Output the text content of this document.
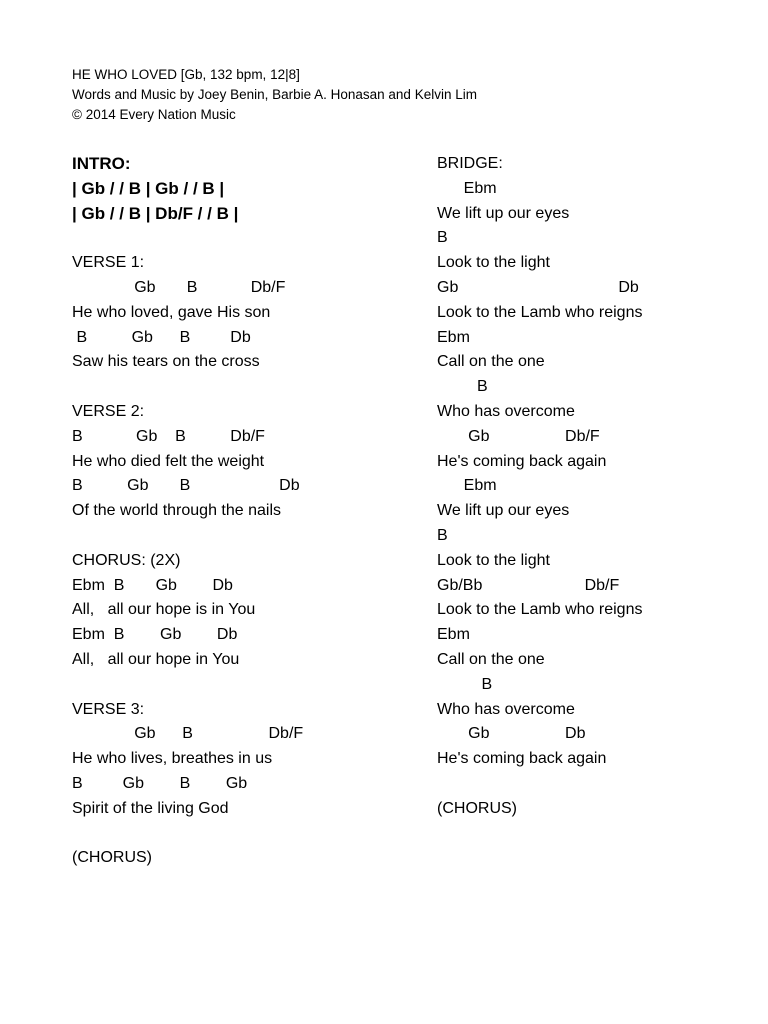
HE WHO LOVED [Gb, 132 bpm, 12|8]
Words and Music by Joey Benin, Barbie A. Honasan and Kelvin Lim
© 2014 Every Nation Music
INTRO:
| Gb / / B | Gb / / B |
| Gb / / B | Db/F / / B |
VERSE 1:
Gb       B            Db/F
He who loved, gave His son
B          Gb      B         Db
Saw his tears on the cross
VERSE 2:
B            Gb    B          Db/F
He who died felt the weight
B          Gb       B                    Db
Of the world through the nails
CHORUS: (2X)
Ebm  B       Gb        Db
All,   all our hope is in You
Ebm  B        Gb        Db
All,   all our hope in You
VERSE 3:
Gb      B                 Db/F
He who lives, breathes in us
B         Gb        B        Gb
Spirit of the living God
(CHORUS)
BRIDGE:
Ebm
We lift up our eyes
B
Look to the light
Gb                                    Db
Look to the Lamb who reigns
Ebm
Call on the one
B
Who has overcome
Gb                 Db/F
He's coming back again
Ebm
We lift up our eyes
B
Look to the light
Gb/Bb                       Db/F
Look to the Lamb who reigns
Ebm
Call on the one
B
Who has overcome
Gb                 Db
He's coming back again
(CHORUS)
